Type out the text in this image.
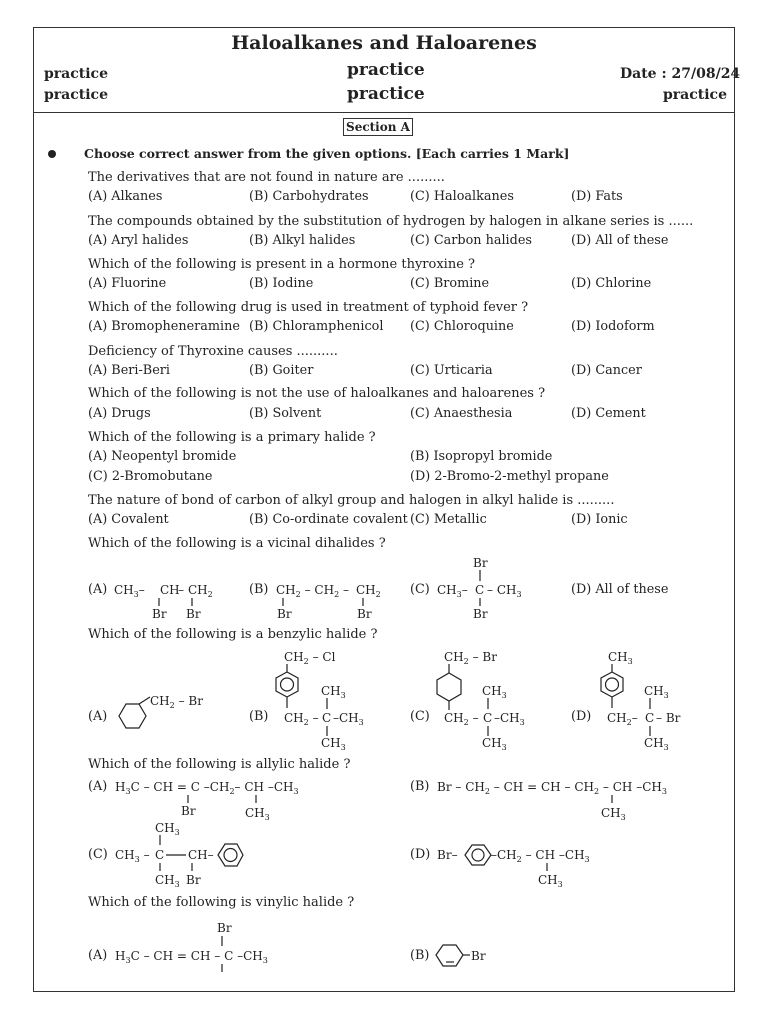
Haloalkanes and Haloarenes
practice
practice
practice
practice
Date : 27/08/24
practice
Section A
Choose correct answer from the given options. [Each carries 1 Mark]
The derivatives that are not found in nature are .........
(A) Alkanes	(B) Carbohydrates	(C) Haloalkanes	(D) Fats
The compounds obtained by the substitution of hydrogen by halogen in alkane series is ......
(A) Aryl halides	(B) Alkyl halides	(C) Carbon halides	(D) All of these
Which of the following is present in a hormone thyroxine ?
(A) Fluorine	(B) Iodine	(C) Bromine	(D) Chlorine
Which of the following drug is used in treatment of typhoid fever ?
(A) Bromopheneramine (B) Chloramphenicol (C) Chloroquine	(D) Iodoform
Deficiency of Thyroxine causes ..........
(A) Beri-Beri	(B) Goiter	(C) Urticaria	(D) Cancer
Which of the following is not the use of haloalkanes and haloarenes ?
(A) Drugs	(B) Solvent	(C) Anaesthesia	(D) Cement
Which of the following is a primary halide ?
(A) Neopentyl bromide	(B) Isopropyl bromide
(C) 2-Bromobutane	(D) 2-Bromo-2-methyl propane
The nature of bond of carbon of alkyl group and halogen in alkyl halide is .........
(A) Covalent	(B) Co-ordinate covalent (C) Metallic	(D) Ionic
Which of the following is a vicinal dihalides ?
(A)	(B)	(C)	(D) All of these
Which of the following is a benzylic halide ?
(A)	(B)	(C)	(D)
Which of the following is allylic halide ?
(A)	(B)
(C)	(D)
Which of the following is vinylic halide ?
(A)	(B)
$CH_3-$ CH
– $CH_2$
Br Br
$CH_2 - CH_2 - CH_2$
Br	Br
Br
$CH_3-$ C – $CH_3$
Br
$CH_2$ – Br
$CH_2$ – Cl
$CH_2$ –
$CH_3$
C $-CH_3$
$CH_3$
$CH_2$ – Br
$CH_2$ –
$CH_3$
C $-CH_3$
$CH_3$
$CH_3$
$CH_2-$
$CH_3$
C – Br
$CH_3$
$H_3C$ – CH = C $-CH_2-$ CH $-CH_3$
Br	$CH_3$
Br – $CH_2$ – CH = CH – $CH_2$ – CH $-CH_3$
$CH_3$
$CH_3$
$CH_3$ – C CH–
$CH_3$ Br
Br–	$-CH_2$ – CH $-CH_3$
$CH_3$
Br
$H_3C$ – CH = CH – C $-CH_3$	Br
